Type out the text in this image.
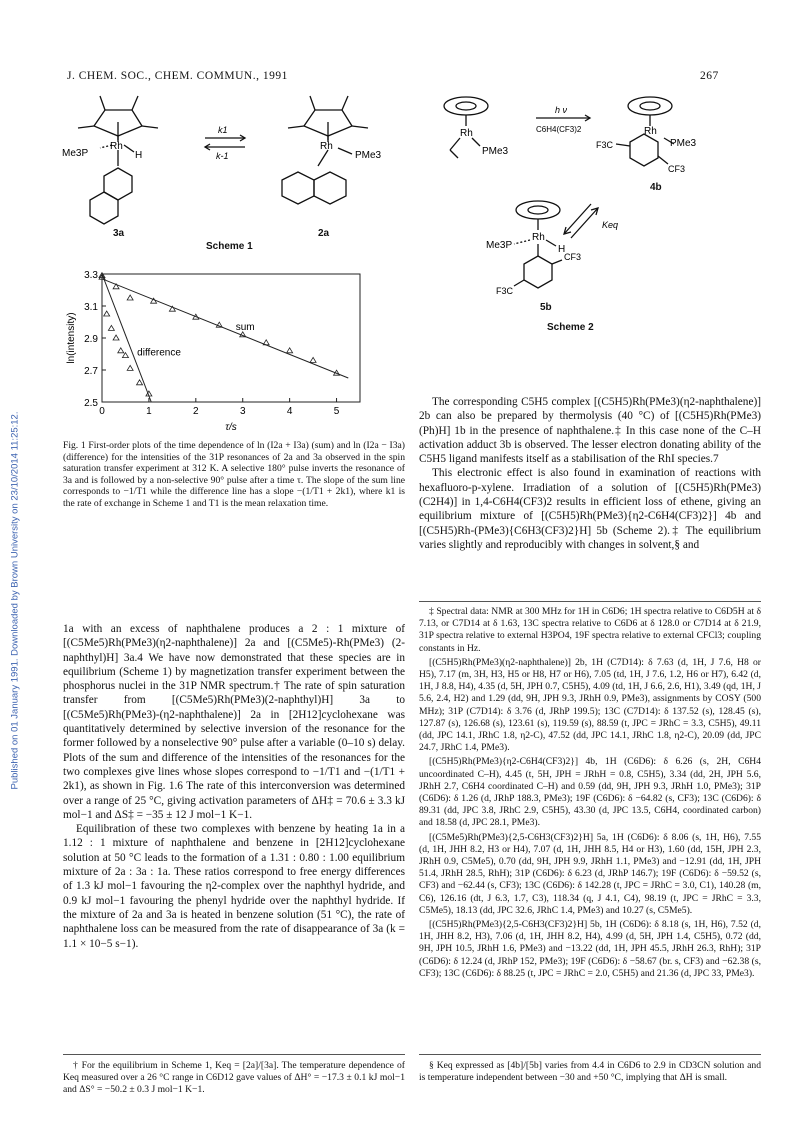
J. CHEM. SOC., CHEM. COMMUN., 1991	267
Published on 01 January 1991. Downloaded by Brown University on 23/10/2014 11:25:12.
Me3P
Rh
H
k1
k-1
Rh
PMe3
3a	2a
Scheme 1
0	1	2	3	4	5
2.5
2.7
2.9
3.1
3.3
τ/s
ln(intensity)	sum
difference

Fig. 1 First-order plots of the time dependence of ln (I2a + I3a) (sum) and ln (I2a − I3a) (difference) for the intensities of the 31P resonances of 2a and 3a observed in the spin saturation transfer experiment at 312 K. A selective 180° pulse inverts the resonance of 3a and is followed by a non-selective 90° pulse after a time τ. The slope of the sum line corresponds to −1/T1 while the difference line has a slope −(1/T1 + 2k1), where k1 is the rate of exchange in Scheme 1 and T1 is the mean relaxation time.

Rh
PMe3
h ν
C6H4(CF3)2	Rh
PMe3
F3C
CF3
Keq
Rh
Me3P	H
CF3
F3C
4b
5b
Scheme 2

1a with an excess of naphthalene produces a 2 : 1 mixture of [(C5Me5)Rh(PMe3)(η2-naphthalene)] 2a and [(C5Me5)-Rh(PMe3) (2-naphthyl)H] 3a.4 We have now demonstrated that these species are in equilibrium (Scheme 1) by magnetization transfer experiment between the phosphorus nuclei in the 31P NMR spectrum.† The rate of spin saturation transfer from [(C5Me5)Rh(PMe3)(2-naphthyl)H] 3a to [(C5Me5)Rh(PMe3)-(η2-naphthalene)] 2a in [2H12]cyclohexane was quantitatively determined by selective inversion of the resonance for the former followed by a nonselective 90° pulse after a variable (0–10 s) delay. Plots of the sum and difference of the intensities of the resonances for the two complexes give lines whose slopes correspond to −1/T1 and −(1/T1 + 2k1), as shown in Fig. 1.6 The rate of this interconversion was determined over a range of 25 °C, giving activation parameters of ΔH‡ = 70.6 ± 3.3 kJ mol−1 and ΔS‡ = −35 ± 12 J mol−1 K−1.

Equilibration of these two complexes with benzene by heating 1a in a 1.12 : 1 mixture of naphthalene and benzene in [2H12]cyclohexane solution at 50 °C leads to the formation of a 1.31 : 0.80 : 1.00 equilibrium mixture of 2a : 3a : 1a. These ratios correspond to free energy differences of 1.3 kJ mol−1 favouring the η2-complex over the naphthyl hydride, and 0.9 kJ mol−1 favouring the phenyl hydride over the naphthyl hydride. If the mixture of 2a and 3a is heated in benzene solution (51 °C), the rate of naphthalene loss can be measured from the rate of disappearance of 3a (k = 1.1 × 10−5 s−1).

† For the equilibrium in Scheme 1, Keq = [2a]/[3a]. The temperature dependence of Keq measured over a 26 °C range in C6D12 gave values of ΔH° = −17.3 ± 0.1 kJ mol−1 and ΔS° = −50.2 ± 0.3 J mol−1 K−1.

The corresponding C5H5 complex [(C5H5)Rh(PMe3)(η2-naphthalene)] 2b can also be prepared by thermolysis (40 °C) of [(C5H5)Rh(PMe3)(Ph)H] 1b in the presence of naphthalene.‡ In this case none of the C–H activation adduct 3b is observed. The lesser electron donating ability of the C5H5 ligand manifests itself as a stabilisation of the RhI species.7

This electronic effect is also found in examination of reactions with hexafluoro-p-xylene. Irradiation of a solution of [(C5H5)Rh(PMe3)(C2H4)] in 1,4-C6H4(CF3)2 results in efficient loss of ethene, giving an equilibrium mixture of [(C5H5)Rh(PMe3){η2-C6H4(CF3)2}] 4b and [(C5H5)Rh-(PMe3){C6H3(CF3)2}H] 5b (Scheme 2).‡ The equilibrium varies slightly and reproducibly with changes in solvent,§ and

‡ Spectral data: NMR at 300 MHz for 1H in C6D6; 1H spectra relative to C6D5H at δ 7.13, or C7D14 at δ 1.63, 13C spectra relative to C6D6 at δ 128.0 or C7D14 at δ 21.9, 31P spectra relative to external H3PO4, 19F spectra relative to external CFCl3; coupling constants in Hz.

[(C5H5)Rh(PMe3)(η2-naphthalene)] 2b, 1H (C7D14): δ 7.63 (d, 1H, J 7.6, H8 or H5), 7.17 (m, 3H, H3, H5 or H8, H7 or H6), 7.05 (td, 1H, J 7.6, 1.2, H6 or H7), 6.42 (d, 1H, J 8.8, H4), 4.35 (d, 5H, JPH 0.7, C5H5), 4.09 (td, 1H, J 6.6, 2.6, H1), 3.49 (qd, 1H, J 5.6, 2.4, H2) and 1.29 (dd, 9H, JPH 9.3, JRhH 0.9, PMe3), assignments by COSY (500 MHz); 31P (C7D14): δ 3.76 (d, JRhP 199.5); 13C (C7D14): δ 137.52 (s), 128.45 (s), 127.87 (s), 126.68 (s), 123.61 (s), 119.59 (s), 88.59 (t, JPC = JRhC = 3.3, C5H5), 49.11 (dd, JPC 14.1, JRhC 1.8, η2-C), 47.52 (dd, JPC 14.1, JRhC 1.8, η2-C), 20.09 (dd, JPC 24.7, JRhC 1.4, PMe3).

[(C5H5)Rh(PMe3){η2-C6H4(CF3)2}] 4b, 1H (C6D6): δ 6.26 (s, 2H, C6H4 uncoordinated C–H), 4.45 (t, 5H, JPH = JRhH = 0.8, C5H5), 3.34 (dd, 2H, JPH 5.6, JRhH 2.7, C6H4 coordinated C–H) and 0.59 (dd, 9H, JPH 9.3, JRhH 1.0, PMe3); 31P (C6D6): δ 1.26 (d, JRhP 188.3, PMe3); 19F (C6D6): δ −64.82 (s, CF3); 13C (C6D6): δ 89.31 (dd, JPC 3.8, JRhC 2.9, C5H5), 43.30 (d, JPC 13.5, C6H4, coordinated carbon) and 18.58 (d, JPC 28.1, PMe3).

[(C5Me5)Rh(PMe3){2,5-C6H3(CF3)2}H] 5a, 1H (C6D6): δ 8.06 (s, 1H, H6), 7.55 (d, 1H, JHH 8.2, H3 or H4), 7.07 (d, 1H, JHH 8.5, H4 or H3), 1.60 (dd, 15H, JPH 2.3, JRhH 0.9, C5Me5), 0.70 (dd, 9H, JPH 9.9, JRhH 1.1, PMe3) and −12.91 (dd, 1H, JPH 51.4, JRhH 28.5, RhH); 31P (C6D6): δ 6.23 (d, JRhP 146.7); 19F (C6D6): δ −59.52 (s, CF3) and −62.44 (s, CF3); 13C (C6D6): δ 142.28 (t, JPC = JRhC = 3.0, C1), 140.28 (m, C6), 126.16 (dt, J 6.3, 1.7, C3), 118.34 (q, J 4.1, C4), 98.19 (t, JPC = JRhC = 3.3, C5Me5), 18.13 (dd, JPC 32.6, JRhC 1.4, PMe3) and 10.27 (s, C5Me5).

[(C5H5)Rh(PMe3){2,5-C6H3(CF3)2}H] 5b, 1H (C6D6): δ 8.18 (s, 1H, H6), 7.52 (d, 1H, JHH 8.2, H3), 7.06 (d, 1H, JHH 8.2, H4), 4.99 (d, 5H, JPH 1.4, C5H5), 0.72 (dd, 9H, JPH 10.5, JRhH 1.6, PMe3) and −13.22 (dd, 1H, JPH 45.5, JRhH 26.3, RhH); 31P (C6D6): δ 12.24 (d, JRhP 152, PMe3); 19F (C6D6): δ −58.67 (br. s, CF3) and −62.38 (s, CF3); 13C (C6D6): δ 88.25 (t, JPC = JRhC = 2.0, C5H5) and 21.36 (d, JPC 33, PMe3).

§ Keq expressed as [4b]/[5b] varies from 4.4 in C6D6 to 2.9 in CD3CN solution and is temperature independent between −30 and +50 °C, implying that ΔH is small.
